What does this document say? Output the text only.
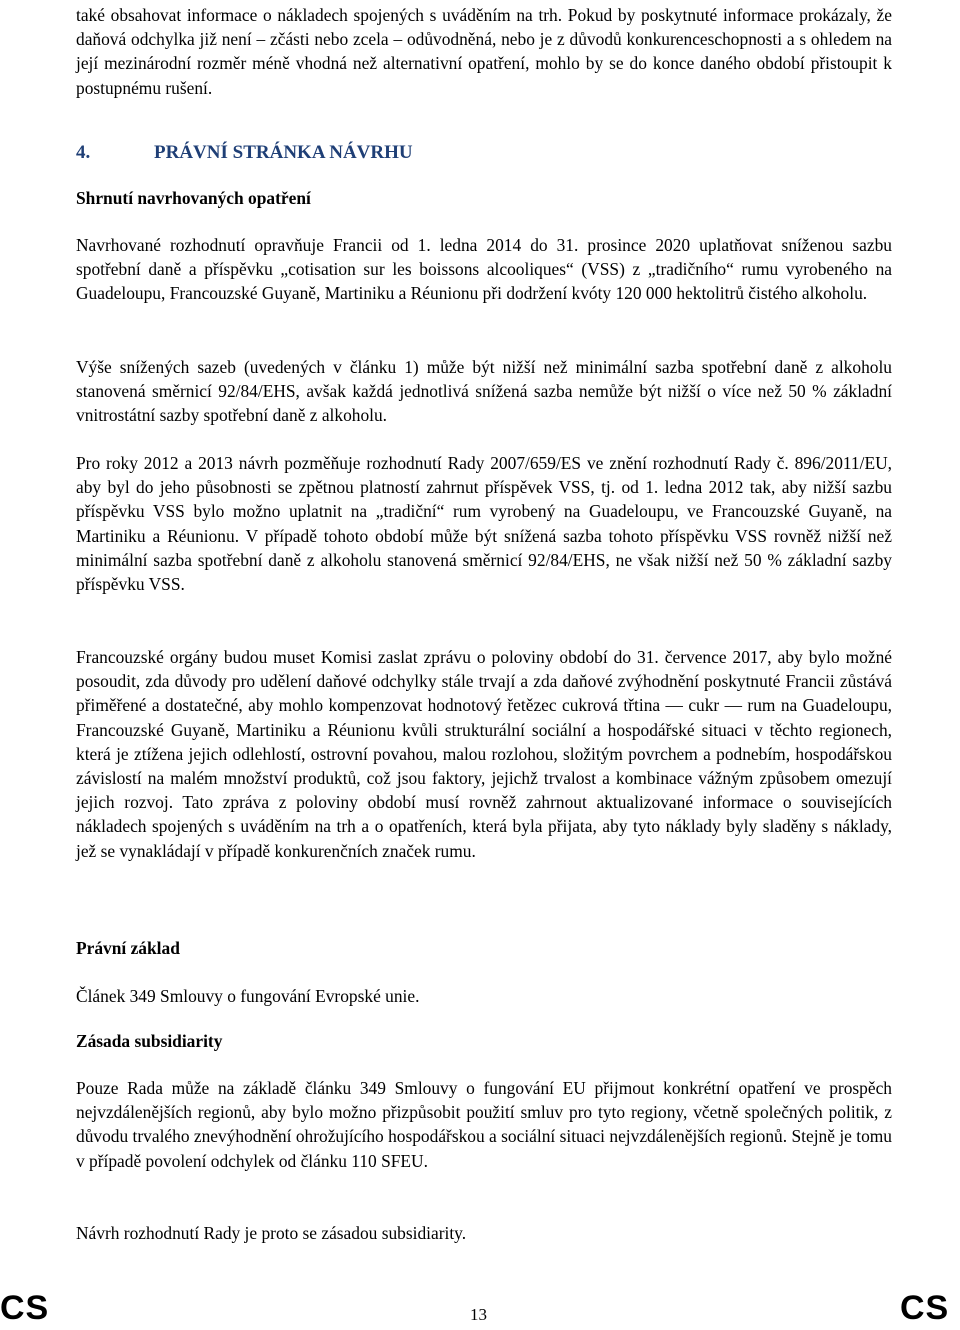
také obsahovat informace o nákladech spojených s uváděním na trh. Pokud by poskytnuté informace prokázaly, že daňová odchylka již není – zčásti nebo zcela – odůvodněná, nebo je z důvodů konkurenceschopnosti a s ohledem na její mezinárodní rozměr méně vhodná než alternativní opatření, mohlo by se do konce daného období přistoupit k postupnému rušení.

4.	PRÁVNÍ STRÁNKA NÁVRHU
Shrnutí navrhovaných opatření

Navrhované rozhodnutí opravňuje Francii od 1. ledna 2014 do 31. prosince 2020 uplatňovat sníženou sazbu spotřební daně a příspěvku „cotisation sur les boissons alcooliques“ (VSS) z „tradičního“ rumu vyrobeného na Guadeloupu, Francouzské Guyaně, Martiniku a Réunionu při dodržení kvóty 120 000 hektolitrů čistého alkoholu.

Výše snížených sazeb (uvedených v článku 1) může být nižší než minimální sazba spotřební daně z alkoholu stanovená směrnicí 92/84/EHS, avšak každá jednotlivá snížená sazba nemůže být nižší o více než 50 % základní vnitrostátní sazby spotřební daně z alkoholu.

Pro roky 2012 a 2013 návrh pozměňuje rozhodnutí Rady 2007/659/ES ve znění rozhodnutí Rady č. 896/2011/EU, aby byl do jeho působnosti se zpětnou platností zahrnut příspěvek VSS, tj. od 1. ledna 2012 tak, aby nižší sazbu příspěvku VSS bylo možno uplatnit na „tradiční“ rum vyrobený na Guadeloupu, ve Francouzské Guyaně, na Martiniku a Réunionu. V případě tohoto období může být snížená sazba tohoto příspěvku VSS rovněž nižší než minimální sazba spotřební daně z alkoholu stanovená směrnicí 92/84/EHS, ne však nižší než 50 % základní sazby příspěvku VSS.

Francouzské orgány budou muset Komisi zaslat zprávu o poloviny období do 31. července 2017, aby bylo možné posoudit, zda důvody pro udělení daňové odchylky stále trvají a zda daňové zvýhodnění poskytnuté Francii zůstává přiměřené a dostatečné, aby mohlo kompenzovat hodnotový řetězec cukrová třtina — cukr — rum na Guadeloupu, Francouzské Guyaně, Martiniku a Réunionu kvůli strukturální sociální a hospodářské situaci v těchto regionech, která je ztížena jejich odlehlostí, ostrovní povahou, malou rozlohou, složitým povrchem a podnebím, hospodářskou závislostí na malém množství produktů, což jsou faktory, jejichž trvalost a kombinace vážným způsobem omezují jejich rozvoj. Tato zpráva z poloviny období musí rovněž zahrnout aktualizované informace o souvisejících nákladech spojených s uváděním na trh a o opatřeních, která byla přijata, aby tyto náklady byly sladěny s náklady, jež se vynakládají v případě konkurenčních značek rumu.

Právní základ

Článek 349 Smlouvy o fungování Evropské unie.

Zásada subsidiarity

Pouze Rada může na základě článku 349 Smlouvy o fungování EU přijmout konkrétní opatření ve prospěch nejvzdálenějších regionů, aby bylo možno přizpůsobit použití smluv pro tyto regiony, včetně společných politik, z důvodu trvalého znevýhodnění ohrožujícího hospodářskou a sociální situaci nejvzdálenějších regionů. Stejně je tomu v případě povolení odchylek od článku 110 SFEU.

Návrh rozhodnutí Rady je proto se zásadou subsidiarity.

CS	13	CS
